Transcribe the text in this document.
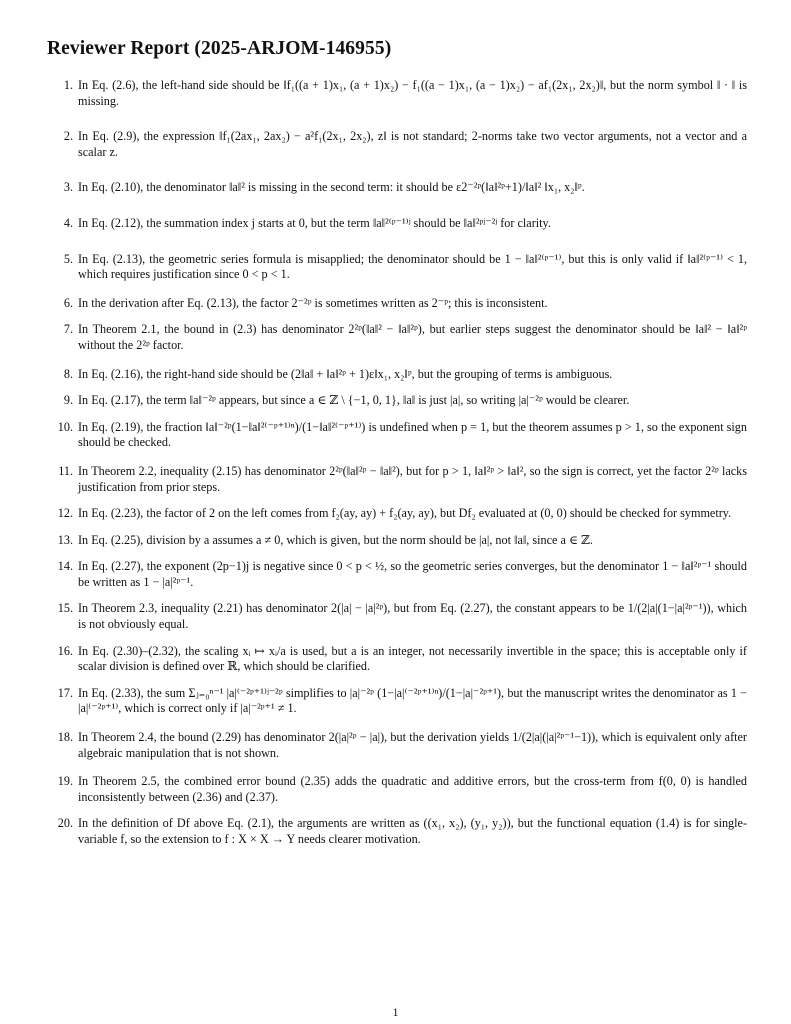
Reviewer Report (2025-ARJOM-146955)
1. In Eq. (2.6), the left-hand side should be ‖f₁((a + 1)x₁, (a + 1)x₂) − f₁((a − 1)x₁, (a − 1)x₂) − af₁(2x₁, 2x₂)‖, but the norm symbol ‖ · ‖ is missing.
2. In Eq. (2.9), the expression ‖f₁(2ax₁, 2ax₂) − a²f₁(2x₁, 2x₂), z‖ is not standard; 2-norms take two vector arguments, not a vector and a scalar z.
3. In Eq. (2.10), the denominator ‖a‖² is missing in the second term: it should be ε2⁻²ᵖ(‖a‖²ᵖ+1)/‖a‖² ‖x₁, x₂‖ᵖ.
4. In Eq. (2.12), the summation index j starts at 0, but the term ‖a‖²⁽ᵖ⁻¹⁾ʲ should be ‖a‖²ᵖʲ⁻²ʲ for clarity.
5. In Eq. (2.13), the geometric series formula is misapplied; the denominator should be 1 − ‖a‖²⁽ᵖ⁻¹⁾, but this is only valid if ‖a‖²⁽ᵖ⁻¹⁾ < 1, which requires justification since 0 < p < 1.
6. In the derivation after Eq. (2.13), the factor 2⁻²ᵖ is sometimes written as 2⁻ᵖ; this is inconsistent.
7. In Theorem 2.1, the bound in (2.3) has denominator 2²ᵖ(‖a‖² − ‖a‖²ᵖ), but earlier steps suggest the denominator should be ‖a‖² − ‖a‖²ᵖ without the 2²ᵖ factor.
8. In Eq. (2.16), the right-hand side should be (2‖a‖ + ‖a‖²ᵖ + 1)ε‖x₁, x₂‖ᵖ, but the grouping of terms is ambiguous.
9. In Eq. (2.17), the term ‖a‖⁻²ᵖ appears, but since a ∈ ℤ \ {−1, 0, 1}, ‖a‖ is just |a|, so writing |a|⁻²ᵖ would be clearer.
10. In Eq. (2.19), the fraction ‖a‖⁻²ᵖ(1−‖a‖²⁽⁻ᵖ⁺¹⁾ⁿ)/(1−‖a‖²⁽⁻ᵖ⁺¹⁾) is undefined when p = 1, but the theorem assumes p > 1, so the exponent sign should be checked.
11. In Theorem 2.2, inequality (2.15) has denominator 2²ᵖ(‖a‖²ᵖ − ‖a‖²), but for p > 1, ‖a‖²ᵖ > ‖a‖², so the sign is correct, yet the factor 2²ᵖ lacks justification from prior steps.
12. In Eq. (2.23), the factor of 2 on the left comes from f₂(ay, ay) + f₂(ay, ay), but Df₂ evaluated at (0, 0) should be checked for symmetry.
13. In Eq. (2.25), division by a assumes a ≠ 0, which is given, but the norm should be |a|, not ‖a‖, since a ∈ ℤ.
14. In Eq. (2.27), the exponent (2p−1)j is negative since 0 < p < ½, so the geometric series converges, but the denominator 1 − ‖a‖²ᵖ⁻¹ should be written as 1 − |a|²ᵖ⁻¹.
15. In Theorem 2.3, inequality (2.21) has denominator 2(|a| − |a|²ᵖ), but from Eq. (2.27), the constant appears to be 1/(2|a|(1−|a|²ᵖ⁻¹)), which is not obviously equal.
16. In Eq. (2.30)–(2.32), the scaling xᵢ ↦ xᵢ/a is used, but a is an integer, not necessarily invertible in the space; this is acceptable only if scalar division is defined over ℝ, which should be clarified.
17. In Eq. (2.33), the sum Σⱼ₌₀ⁿ⁻¹ |a|⁽⁻²ᵖ⁺¹⁾ʲ⁻²ᵖ simplifies to |a|⁻²ᵖ (1−|a|⁽⁻²ᵖ⁺¹⁾ⁿ)/(1−|a|⁻²ᵖ⁺¹), but the manuscript writes the denominator as 1 − |a|⁽⁻²ᵖ⁺¹⁾, which is correct only if |a|⁻²ᵖ⁺¹ ≠ 1.
18. In Theorem 2.4, the bound (2.29) has denominator 2(|a|²ᵖ − |a|), but the derivation yields 1/(2|a|(|a|²ᵖ⁻¹−1)), which is equivalent only after algebraic manipulation that is not shown.
19. In Theorem 2.5, the combined error bound (2.35) adds the quadratic and additive errors, but the cross-term from f(0, 0) is handled inconsistently between (2.36) and (2.37).
20. In the definition of Df above Eq. (2.1), the arguments are written as ((x₁, x₂), (y₁, y₂)), but the functional equation (1.4) is for single-variable f, so the extension to f : X × X → Y needs clearer motivation.
1
